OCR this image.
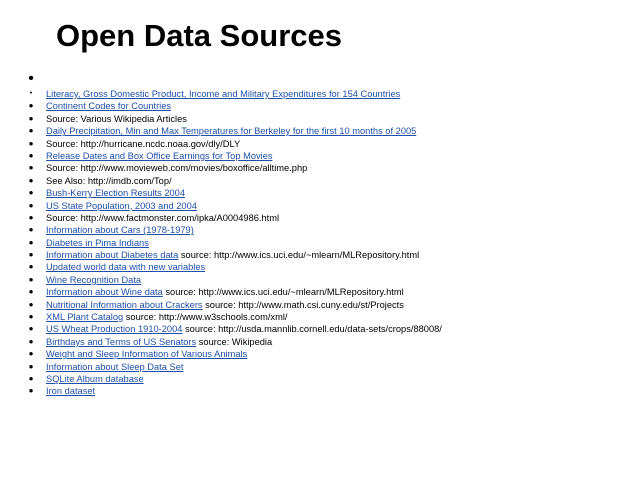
Open Data Sources
•
•	Literacy, Gross Domestic Product, Income and Military Expenditures for 154 Countries
• Continent Codes for Countries
• Source: Various Wikipedia Articles
• Daily Precipitation, Min and Max Temperatures for Berkeley for the first 10 months of 2005
• Source: http://hurricane.ncdc.noaa.gov/dly/DLY
• Release Dates and Box Office Earnings for Top Movies
• Source: http://www.movieweb.com/movies/boxoffice/alltime.php
• See Also: http://imdb.com/Top/
• Bush-Kerry Election Results 2004
• US State Population, 2003 and 2004
• Source: http://www.factmonster.com/ipka/A0004986.html
• Information about Cars (1978-1979)
• Diabetes in Pima Indians
• Information about Diabetes data source: http://www.ics.uci.edu/~mlearn/MLRepository.html
• Updated world data with new variables
• Wine Recognition Data
• Information about Wine data source: http://www.ics.uci.edu/~mlearn/MLRepository.html
• Nutritional Information about Crackers source: http://www.math.csi.cuny.edu/st/Projects
• XML Plant Catalog source: http://www.w3schools.com/xml/
• US Wheat Production 1910-2004 source: http://usda.mannlib.cornell.edu/data-sets/crops/88008/
• Birthdays and Terms of US Senators source: Wikipedia
• Weight and Sleep Information of Various Animals
• Information about Sleep Data Set
• SQLite Album database
• Iron dataset
